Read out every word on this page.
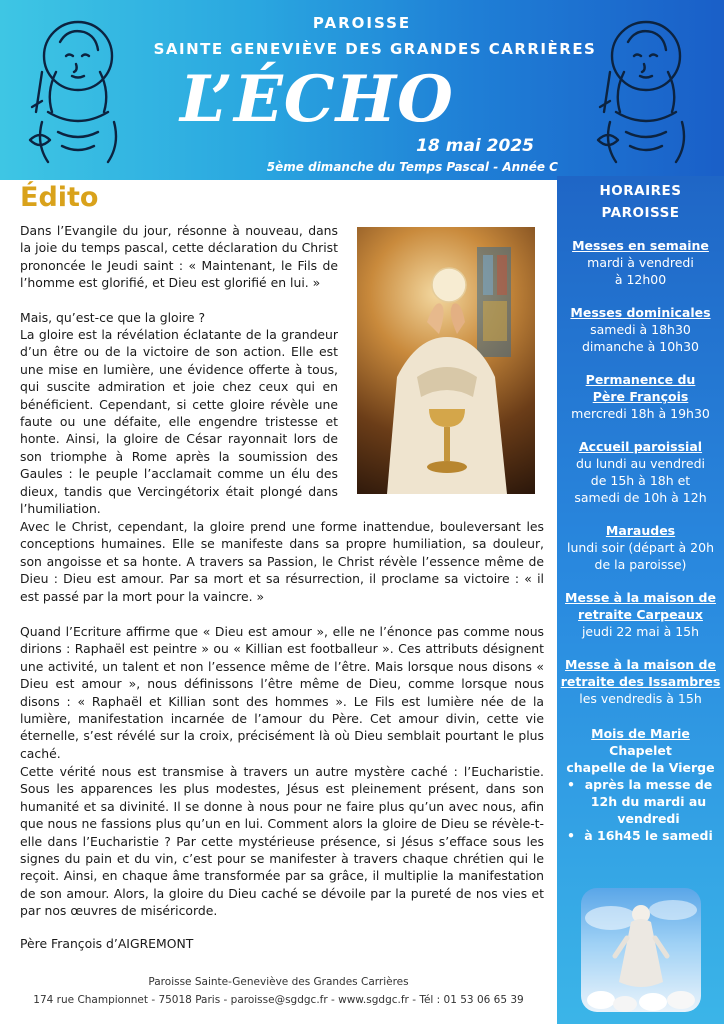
PAROISSE
SAINTE GENEVIÈVE DES GRANDES CARRIÈRES
L’ÉCHO
18 mai 2025
5ème dimanche du Temps Pascal - Année C
Édito

Dans l’Evangile du jour, résonne à nouveau, dans la joie du temps pascal, cette déclaration du Christ prononcée le Jeudi saint : « Maintenant, le Fils de l’homme est glorifié, et Dieu est glorifié en lui. »

Mais, qu’est-ce que la gloire ?

La gloire est la révélation éclatante de la grandeur d’un être ou de la victoire de son action. Elle est une mise en lumière, une évidence offerte à tous, qui suscite admiration et joie chez ceux qui en bénéficient. Cependant, si cette gloire révèle une faute ou une défaite, elle engendre tristesse et honte. Ainsi, la gloire de César rayonnait lors de son triomphe à Rome après la soumission des Gaules : le peuple l’acclamait comme un élu des dieux, tandis que Vercingétorix était plongé dans l’humiliation.

Avec le Christ, cependant, la gloire prend une forme inattendue, bouleversant les conceptions humaines. Elle se manifeste dans sa propre humiliation, sa douleur, son angoisse et sa honte. A travers sa Passion, le Christ révèle l’essence même de Dieu : Dieu est amour. Par sa mort et sa résurrection, il proclame sa victoire : « il est passé par la mort pour la vaincre. »

Quand l’Ecriture affirme que « Dieu est amour », elle ne l’énonce pas comme nous dirions : Raphaël est peintre » ou « Killian est footballeur ». Ces attributs désignent une activité, un talent et non l’essence même de l’être. Mais lorsque nous disons « Dieu est amour », nous définissons l’être même de Dieu, comme lorsque nous disons : « Raphaël et Killian sont des hommes ». Le Fils est lumière née de la lumière, manifestation incarnée de l’amour du Père. Cet amour divin, cette vie éternelle, s’est révélé sur la croix, précisément là où Dieu semblait pourtant le plus caché.

Cette vérité nous est transmise à travers un autre mystère caché : l’Eucharistie. Sous les apparences les plus modestes, Jésus est pleinement présent, dans son humanité et sa divinité. Il se donne à nous pour ne faire plus qu’un avec nous, afin que nous ne fassions plus qu’un en lui. Comment alors la gloire de Dieu se révèle-t-elle dans l’Eucharistie ? Par cette mystérieuse présence, si Jésus s’efface sous les signes du pain et du vin, c’est pour se manifester à travers chaque chrétien qui le reçoit. Ainsi, en chaque âme transformée par sa grâce, il multiplie la manifestation de son amour. Alors, la gloire du Dieu caché se dévoile par la pureté de nos vies et par nos œuvres de miséricorde.

Père François d’AIGREMONT
HORAIRES
PAROISSE
Messes en semaine
mardi à vendredi
à 12h00
Messes dominicales
samedi à 18h30
dimanche à 10h30
Permanence du
Père François
mercredi 18h à 19h30
Accueil paroissial
du lundi au vendredi
de 15h à 18h et
samedi de 10h à 12h
Maraudes
lundi soir (départ à 20h
de la paroisse)
Messe à la maison de
retraite Carpeaux
jeudi 22 mai à 15h
Messe à la maison de
retraite des Issambres
les vendredis à 15h
Mois de Marie
Chapelet
chapelle de la Vierge
• après la messe de 12h du mardi au vendredi
• à 16h45 le samedi
Paroisse Sainte-Geneviève des Grandes Carrières
174 rue Championnet - 75018 Paris - paroisse@sgdgc.fr - www.sgdgc.fr - Tél : 01 53 06 65 39
